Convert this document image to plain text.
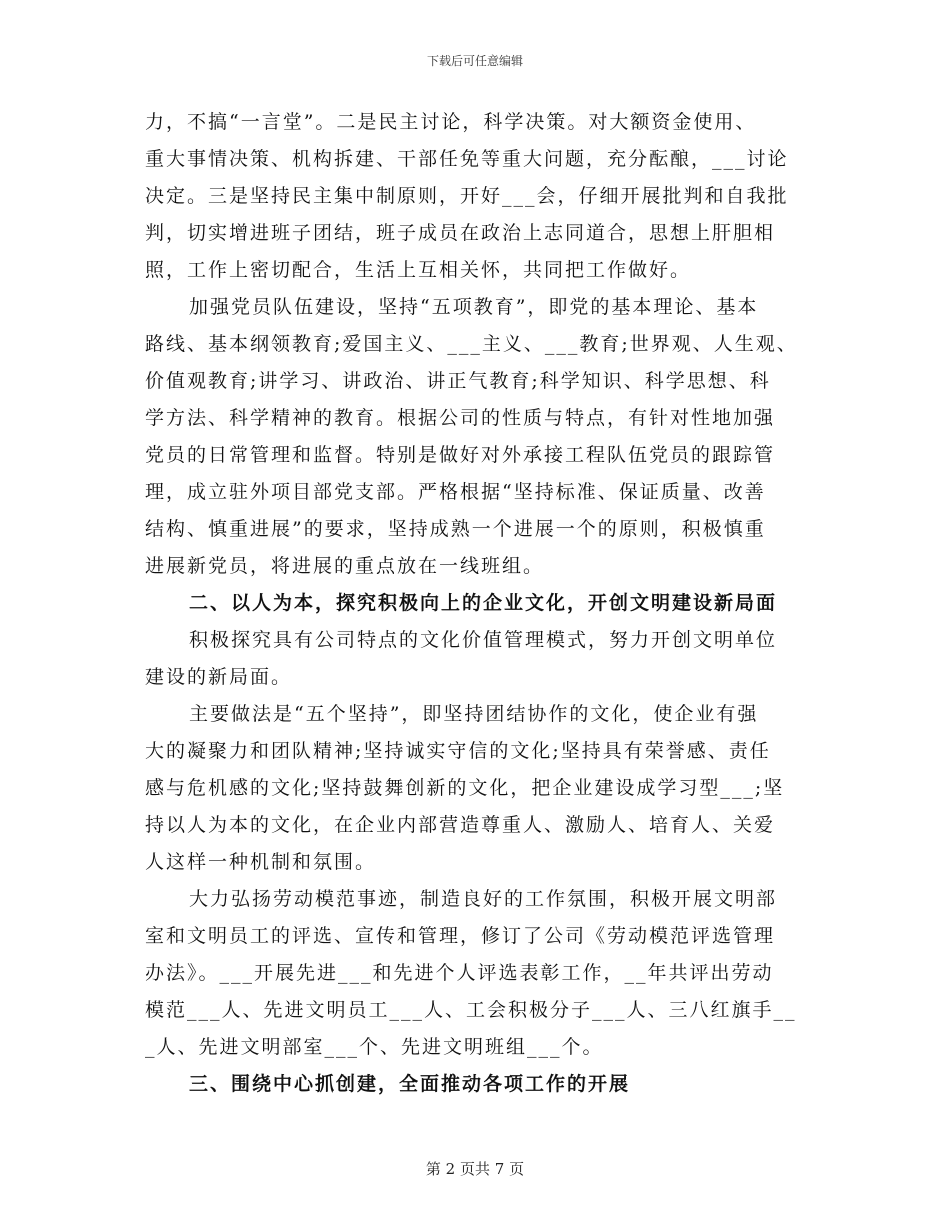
下载后可任意编辑
力，不搞“一言堂”。二是民主讨论，科学决策。对大额资金使用、
重大事情决策、机构拆建、干部任免等重大问题，充分酝酿，___讨论
决定。三是坚持民主集中制原则，开好___会，仔细开展批判和自我批
判，切实增进班子团结，班子成员在政治上志同道合，思想上肝胆相
照，工作上密切配合，生活上互相关怀，共同把工作做好。
加强党员队伍建设，坚持“五项教育”，即党的基本理论、基本
路线、基本纲领教育;爱国主义、___主义、___教育;世界观、人生观、
价值观教育;讲学习、讲政治、讲正气教育;科学知识、科学思想、科
学方法、科学精神的教育。根据公司的性质与特点，有针对性地加强
党员的日常管理和监督。特别是做好对外承接工程队伍党员的跟踪管
理，成立驻外项目部党支部。严格根据“坚持标准、保证质量、改善
结构、慎重进展”的要求，坚持成熟一个进展一个的原则，积极慎重
进展新党员，将进展的重点放在一线班组。
二、以人为本，探究积极向上的企业文化，开创文明建设新局面
积极探究具有公司特点的文化价值管理模式，努力开创文明单位
建设的新局面。
主要做法是“五个坚持”，即坚持团结协作的文化，使企业有强
大的凝聚力和团队精神;坚持诚实守信的文化;坚持具有荣誉感、责任
感与危机感的文化;坚持鼓舞创新的文化，把企业建设成学习型___;坚
持以人为本的文化，在企业内部营造尊重人、激励人、培育人、关爱
人这样一种机制和氛围。
大力弘扬劳动模范事迹，制造良好的工作氛围，积极开展文明部
室和文明员工的评选、宣传和管理，修订了公司《劳动模范评选管理
办法》。___开展先进___和先进个人评选表彰工作，__年共评出劳动
模范___人、先进文明员工___人、工会积极分子___人、三八红旗手__
_人、先进文明部室___个、先进文明班组___个。
三、围绕中心抓创建，全面推动各项工作的开展
第 2 页共 7 页
